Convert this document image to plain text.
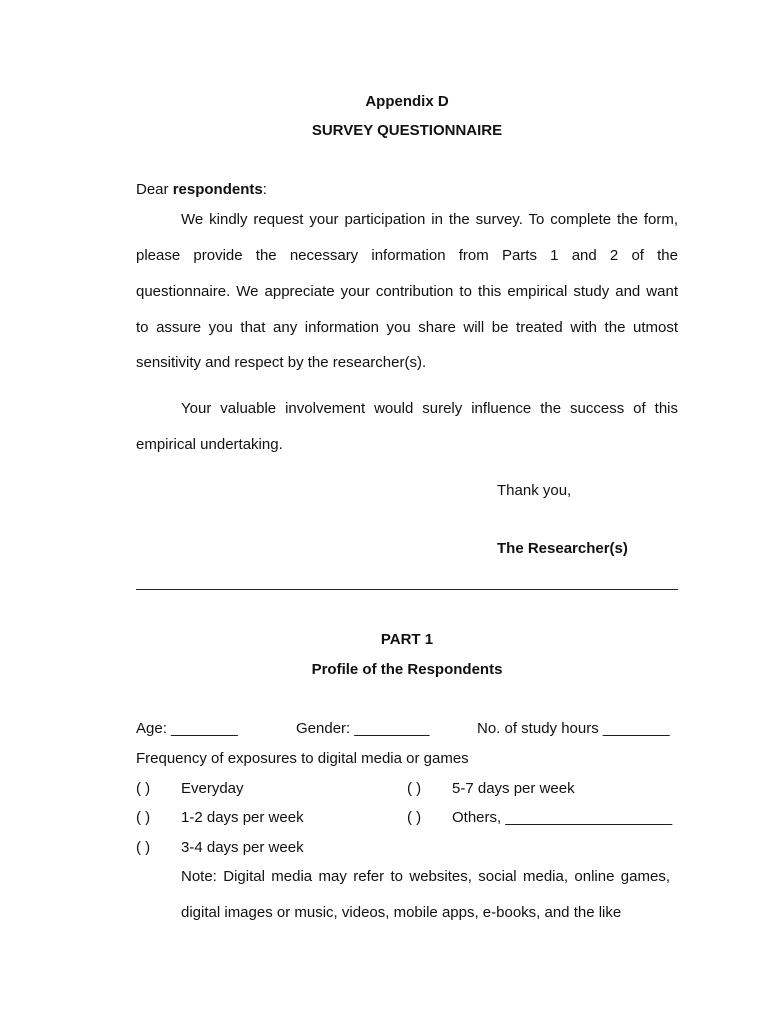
Appendix D
SURVEY QUESTIONNAIRE
Dear respondents:
We kindly request your participation in the survey. To complete the form,
please provide the necessary information from Parts 1 and 2 of the
questionnaire. We appreciate your contribution to this empirical study and want
to assure you that any information you share will be treated with the utmost
sensitivity and respect by the researcher(s).
Your valuable involvement would surely influence the success of this
empirical undertaking.
Thank you,
The Researcher(s)
PART 1
Profile of the Respondents
Age: ________	Gender: _________	No. of study hours ________
Frequency of exposures to digital media or games
( ) Everyday
( ) 1-2 days per week
( ) 3-4 days per week
( ) 5-7 days per week
( ) Others, ____________________
Note: Digital media may refer to websites, social media, online games,
digital images or music, videos, mobile apps, e-books, and the like
